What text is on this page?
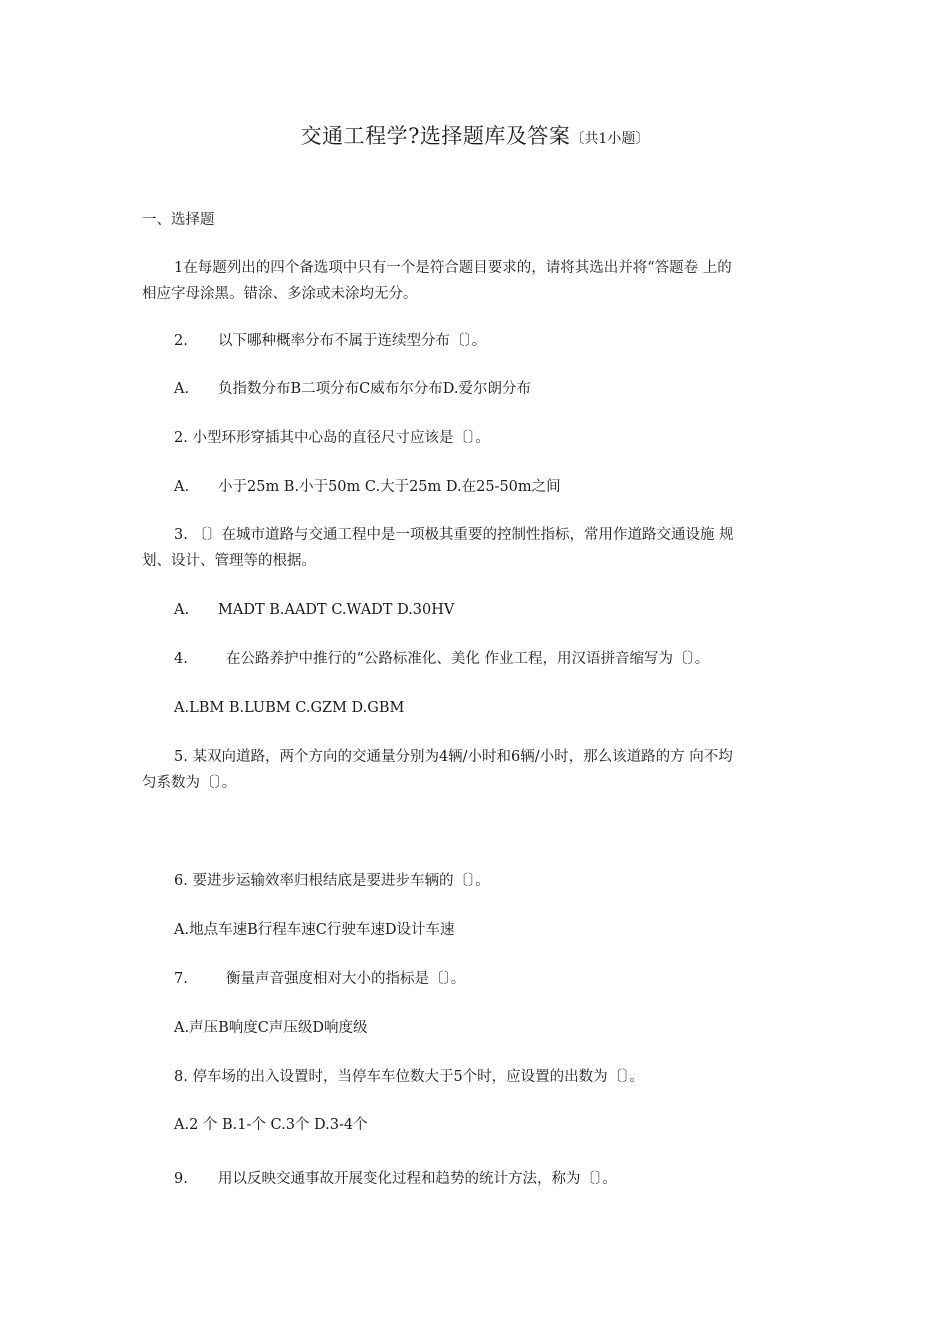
交通工程学?选择题库及答案〔共1小题〕
一、选择题
1在每题列出的四个备选项中只有一个是符合题目要求的，请将其选出并将“答题卷 上的
相应字母涂黑。错涂、多涂或未涂均无分。
2. 以下哪种概率分布不属于连续型分布〔〕。
A. 负指数分布B二项分布C威布尔分布D.爱尔朗分布
2. 小型环形穿插其中心岛的直径尺寸应该是〔〕。
A. 小于25m B.小于50m C.大于25m D.在25-50m之间
3. 〔〕在城市道路与交通工程中是一项极其重要的控制性指标，常用作道路交通设施 规
划、设计、管理等的根据。
A. MADT B.AADT C.WADT D.30HV
4.	在公路养护中推行的“公路标准化、美化 作业工程，用汉语拼音缩写为〔〕。
A.LBM B.LUBM C.GZM D.GBM
5. 某双向道路，两个方向的交通量分别为4辆/小时和6辆/小时，那么该道路的方 向不均
匀系数为〔〕。
6. 要进步运输效率归根结底是要进步车辆的〔〕。
A.地点车速B行程车速C行驶车速D设计车速
7.	衡量声音强度相对大小的指标是〔〕。
A.声压B响度C声压级D响度级
8. 停车场的出入设置时，当停车车位数大于5个时，应设置的出数为〔〕。
A.2 个 B.1-个 C.3个 D.3-4个
9. 用以反映交通事故开展变化过程和趋势的统计方法，称为〔〕。
